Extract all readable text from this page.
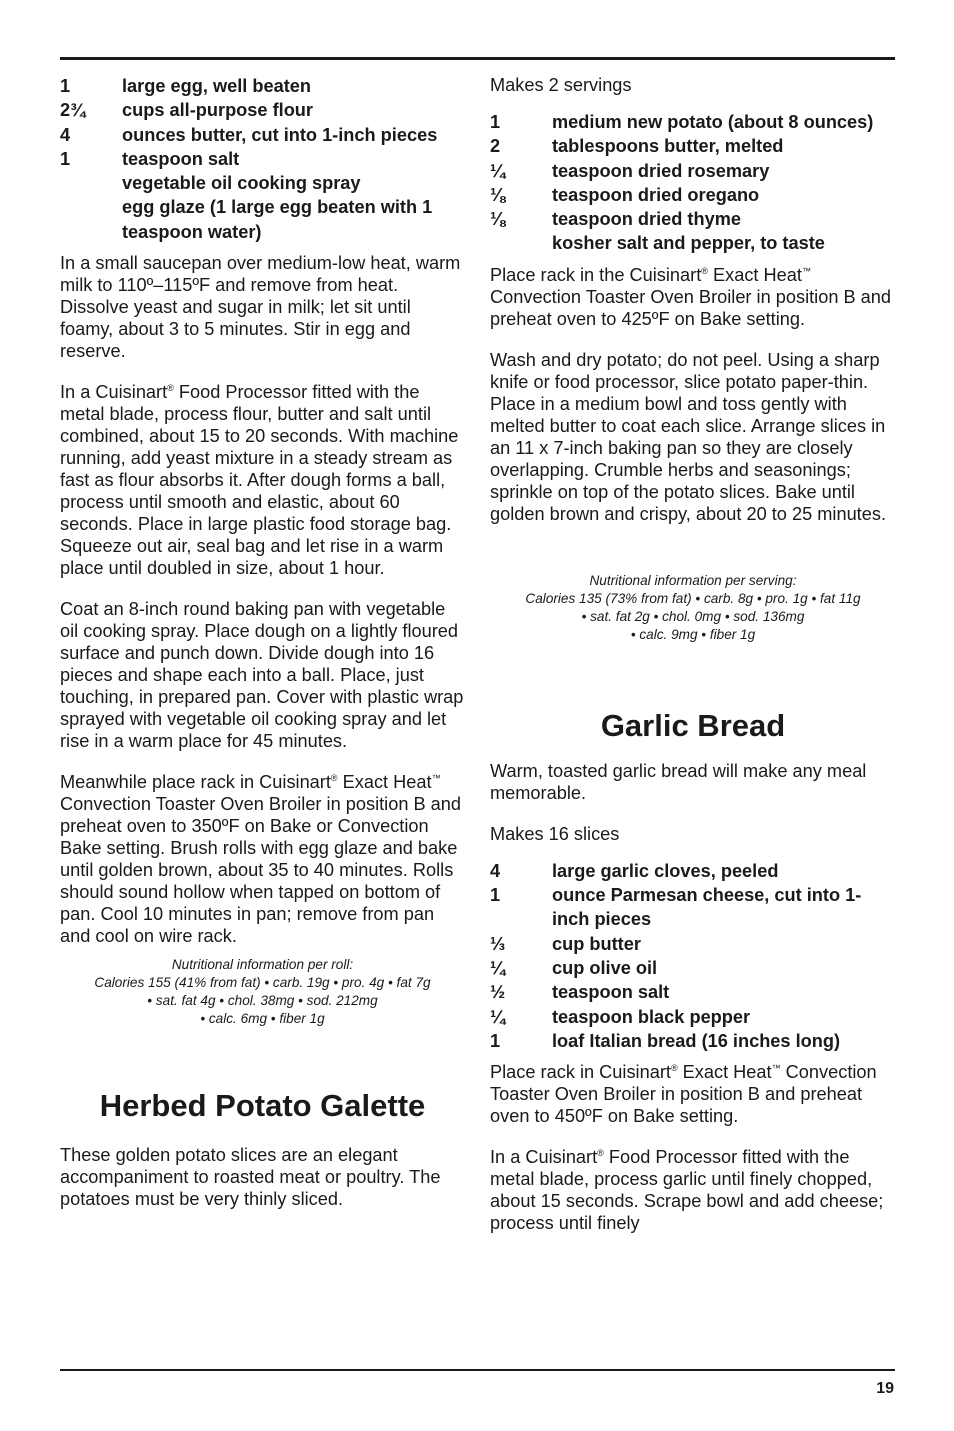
1	large egg, well beaten
2¾	cups all-purpose flour
4	ounces butter, cut into 1-inch pieces
1	teaspoon salt
vegetable oil cooking spray
egg glaze (1 large egg beaten with 1 teaspoon water)

In a small saucepan over medium-low heat, warm milk to 110º–115ºF and remove from heat. Dissolve yeast and sugar in milk; let sit until foamy, about 3 to 5 minutes. Stir in egg and reserve.

In a Cuisinart® Food Processor fitted with the metal blade, process flour, butter and salt until combined, about 15 to 20 seconds. With machine running, add yeast mixture in a steady stream as fast as flour absorbs it. After dough forms a ball, process until smooth and elastic, about 60 seconds. Place in large plastic food storage bag. Squeeze out air, seal bag and let rise in a warm place until doubled in size, about 1 hour.

Coat an 8-inch round baking pan with vegetable oil cooking spray. Place dough on a lightly floured surface and punch down. Divide dough into 16 pieces and shape each into a ball. Place, just touching, in prepared pan. Cover with plastic wrap sprayed with vegetable oil cooking spray and let rise in a warm place for 45 minutes.

Meanwhile place rack in Cuisinart® Exact Heat™ Convection Toaster Oven Broiler in position B and preheat oven to 350ºF on Bake or Convection Bake setting. Brush rolls with egg glaze and bake until golden brown, about 35 to 40 minutes. Rolls should sound hollow when tapped on bottom of pan. Cool 10 minutes in pan; remove from pan and cool on wire rack.

Nutritional information per roll:
Calories 155 (41% from fat) • carb. 19g • pro. 4g • fat 7g
• sat. fat 4g • chol. 38mg • sod. 212mg
• calc. 6mg • fiber 1g
Herbed Potato Galette

These golden potato slices are an elegant accompaniment to roasted meat or poultry. The potatoes must be very thinly sliced.

Makes 2 servings

1	medium new potato (about 8 ounces)
2	tablespoons butter, melted
¼	teaspoon dried rosemary
⅛	teaspoon dried oregano
⅛	teaspoon dried thyme
kosher salt and pepper, to taste

Place rack in the Cuisinart® Exact Heat™ Convection Toaster Oven Broiler in position B and preheat oven to 425ºF on Bake setting.

Wash and dry potato; do not peel. Using a sharp knife or food processor, slice potato paper-thin. Place in a medium bowl and toss gently with melted butter to coat each slice. Arrange slices in an 11 x 7-inch baking pan so they are closely overlapping. Crumble herbs and seasonings; sprinkle on top of the potato slices. Bake until golden brown and crispy, about 20 to 25 minutes.

Nutritional information per serving:
Calories 135 (73% from fat) • carb. 8g • pro. 1g • fat 11g
• sat. fat 2g • chol. 0mg • sod. 136mg
• calc. 9mg • fiber 1g
Garlic Bread

Warm, toasted garlic bread will make any meal memorable.

Makes 16 slices

4	large garlic cloves, peeled
1	ounce Parmesan cheese, cut into 1-inch pieces
⅓	cup butter
¼	cup olive oil
½	teaspoon salt
¼	teaspoon black pepper
1	loaf Italian bread (16 inches long)

Place rack in Cuisinart® Exact Heat™ Convection Toaster Oven Broiler in position B and preheat oven to 450ºF on Bake setting.

In a Cuisinart® Food Processor fitted with the metal blade, process garlic until finely chopped, about 15 seconds. Scrape bowl and add cheese; process until finely

19
